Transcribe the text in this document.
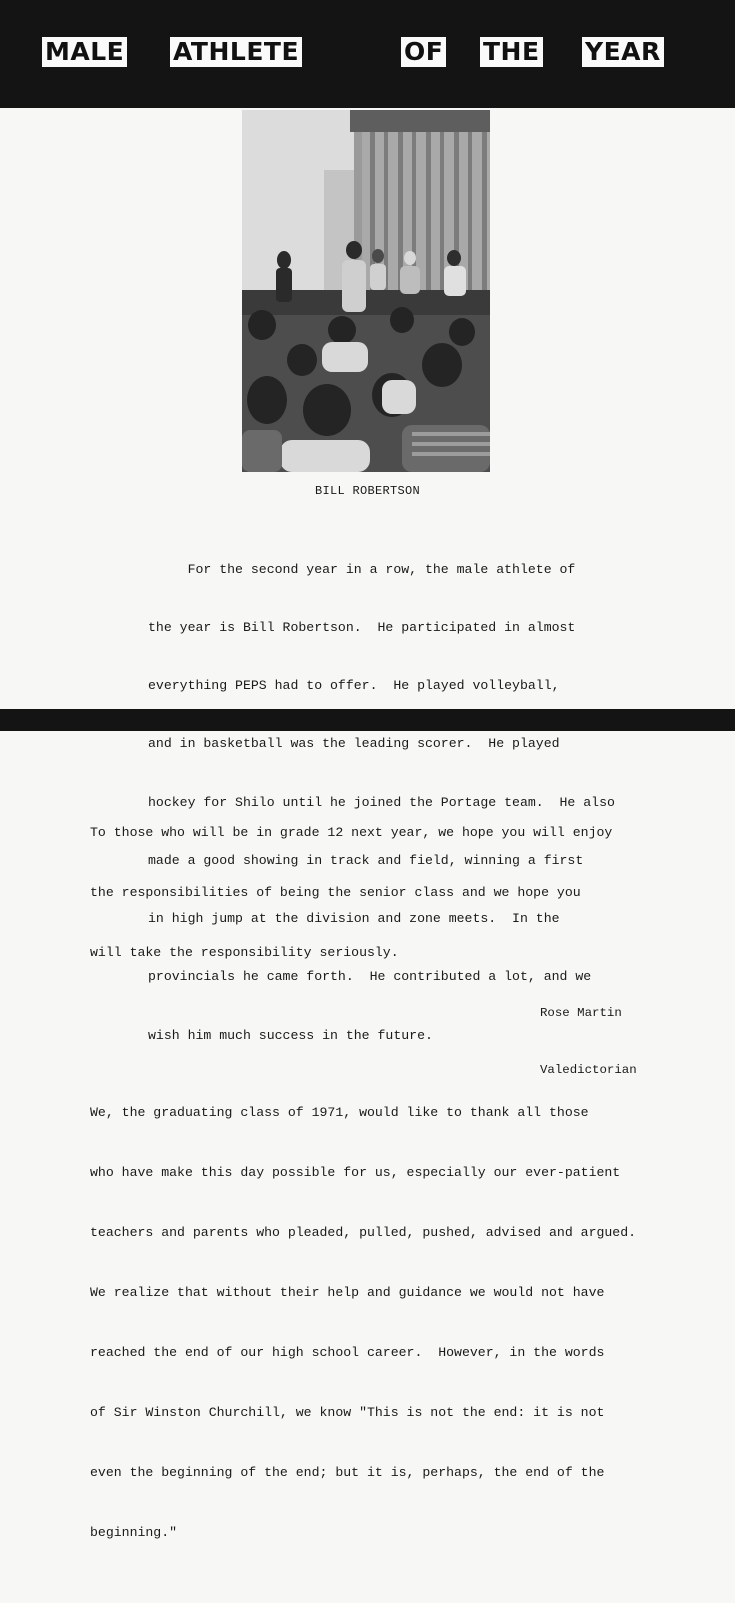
MALE ATHLETE	OF THE YEAR
BILL ROBERTSON

For the second year in a row, the male athlete of

the year is Bill Robertson.  He participated in almost

everything PEPS had to offer.  He played volleyball,

and in basketball was the leading scorer.  He played

hockey for Shilo until he joined the Portage team.  He also

made a good showing in track and field, winning a first

in high jump at the division and zone meets.  In the

provincials he came forth.  He contributed a lot, and we

wish him much success in the future.

To those who will be in grade 12 next year, we hope you will enjoy

the responsibilities of being the senior class and we hope you

will take the responsibility seriously.

We, the graduating class of 1971, would like to thank all those

who have make this day possible for us, especially our ever-patient

teachers and parents who pleaded, pulled, pushed, advised and argued.

We realize that without their help and guidance we would not have

reached the end of our high school career.  However, in the words

of Sir Winston Churchill, we know "This is not the end: it is not

even the beginning of the end; but it is, perhaps, the end of the

beginning."

Rose Martin

Valedictorian
